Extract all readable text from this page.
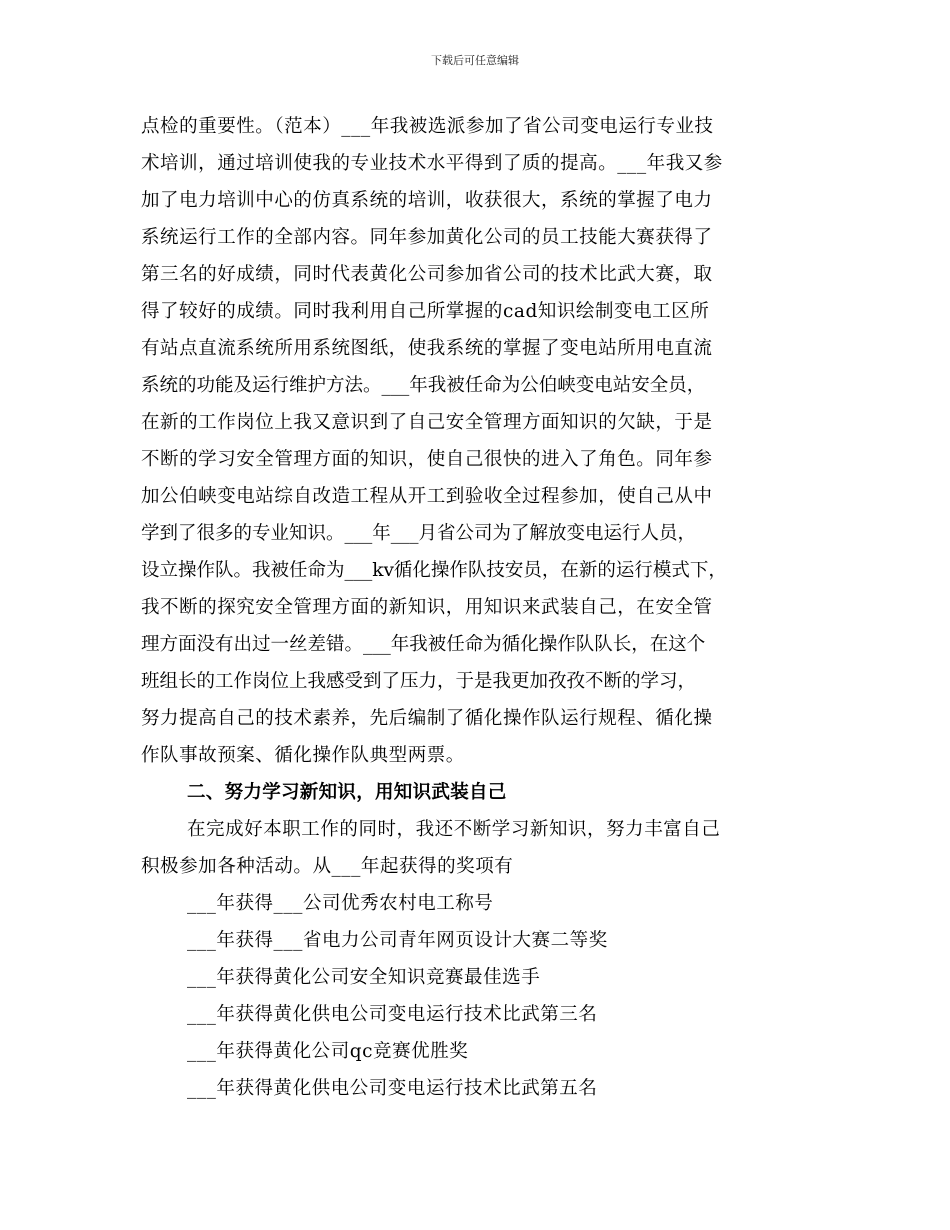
下载后可任意编辑
点检的重要性。（范本）___年我被选派参加了省公司变电运行专业技
术培训，通过培训使我的专业技术水平得到了质的提高。___年我又参
加了电力培训中心的仿真系统的培训，收获很大，系统的掌握了电力
系统运行工作的全部内容。同年参加黄化公司的员工技能大赛获得了
第三名的好成绩，同时代表黄化公司参加省公司的技术比武大赛，取
得了较好的成绩。同时我利用自己所掌握的cad知识绘制变电工区所
有站点直流系统所用系统图纸，使我系统的掌握了变电站所用电直流
系统的功能及运行维护方法。___年我被任命为公伯峡变电站安全员，
在新的工作岗位上我又意识到了自己安全管理方面知识的欠缺，于是
不断的学习安全管理方面的知识，使自己很快的进入了角色。同年参
加公伯峡变电站综自改造工程从开工到验收全过程参加，使自己从中
学到了很多的专业知识。___年___月省公司为了解放变电运行人员，
设立操作队。我被任命为___kv循化操作队技安员，在新的运行模式下，
我不断的探究安全管理方面的新知识，用知识来武装自己，在安全管
理方面没有出过一丝差错。___年我被任命为循化操作队队长，在这个
班组长的工作岗位上我感受到了压力，于是我更加孜孜不断的学习，
努力提高自己的技术素养，先后编制了循化操作队运行规程、循化操
作队事故预案、循化操作队典型两票。
二、努力学习新知识，用知识武装自己
在完成好本职工作的同时，我还不断学习新知识，努力丰富自己
积极参加各种活动。从___年起获得的奖项有
___年获得___公司优秀农村电工称号
___年获得___省电力公司青年网页设计大赛二等奖
___年获得黄化公司安全知识竞赛最佳选手
___年获得黄化供电公司变电运行技术比武第三名
___年获得黄化公司qc竞赛优胜奖
___年获得黄化供电公司变电运行技术比武第五名
